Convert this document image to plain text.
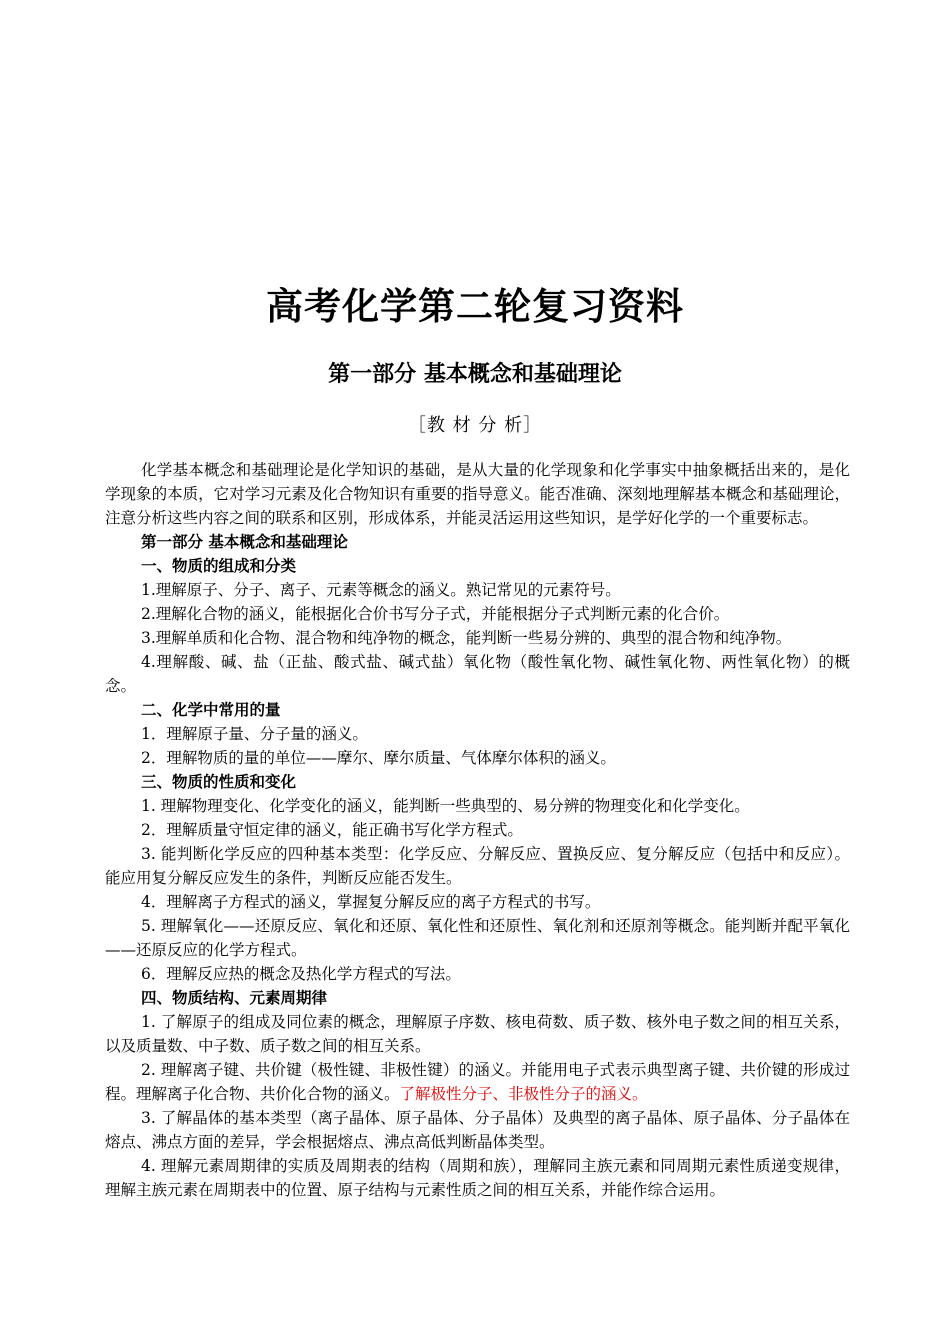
高考化学第二轮复习资料
第一部分 基本概念和基础理论
［教 材 分 析］

化学基本概念和基础理论是化学知识的基础，是从大量的化学现象和化学事实中抽象概括出来的，是化学现象的本质，它对学习元素及化合物知识有重要的指导意义。能否准确、深刻地理解基本概念和基础理论，注意分析这些内容之间的联系和区别，形成体系，并能灵活运用这些知识，是学好化学的一个重要标志。

第一部分 基本概念和基础理论

一、物质的组成和分类

1.理解原子、分子、离子、元素等概念的涵义。熟记常见的元素符号。

2.理解化合物的涵义，能根据化合价书写分子式，并能根据分子式判断元素的化合价。

3.理解单质和化合物、混合物和纯净物的概念，能判断一些易分辨的、典型的混合物和纯净物。

4.理解酸、碱、盐（正盐、酸式盐、碱式盐）氧化物（酸性氧化物、碱性氧化物、两性氧化物）的概念。

二、化学中常用的量

1．理解原子量、分子量的涵义。

2．理解物质的量的单位——摩尔、摩尔质量、气体摩尔体积的涵义。

三、物质的性质和变化

1. 理解物理变化、化学变化的涵义，能判断一些典型的、易分辨的物理变化和化学变化。

2．理解质量守恒定律的涵义，能正确书写化学方程式。

3. 能判断化学反应的四种基本类型：化学反应、分解反应、置换反应、复分解反应（包括中和反应）。能应用复分解反应发生的条件，判断反应能否发生。

4．理解离子方程式的涵义，掌握复分解反应的离子方程式的书写。

5. 理解氧化——还原反应、氧化和还原、氧化性和还原性、氧化剂和还原剂等概念。能判断并配平氧化——还原反应的化学方程式。

6．理解反应热的概念及热化学方程式的写法。

四、物质结构、元素周期律

1. 了解原子的组成及同位素的概念，理解原子序数、核电荷数、质子数、核外电子数之间的相互关系，以及质量数、中子数、质子数之间的相互关系。

2. 理解离子键、共价键（极性键、非极性键）的涵义。并能用电子式表示典型离子键、共价键的形成过程。理解离子化合物、共价化合物的涵义。了解极性分子、非极性分子的涵义。

3. 了解晶体的基本类型（离子晶体、原子晶体、分子晶体）及典型的离子晶体、原子晶体、分子晶体在熔点、沸点方面的差异，学会根据熔点、沸点高低判断晶体类型。

4. 理解元素周期律的实质及周期表的结构（周期和族），理解同主族元素和同周期元素性质递变规律，理解主族元素在周期表中的位置、原子结构与元素性质之间的相互关系，并能作综合运用。
